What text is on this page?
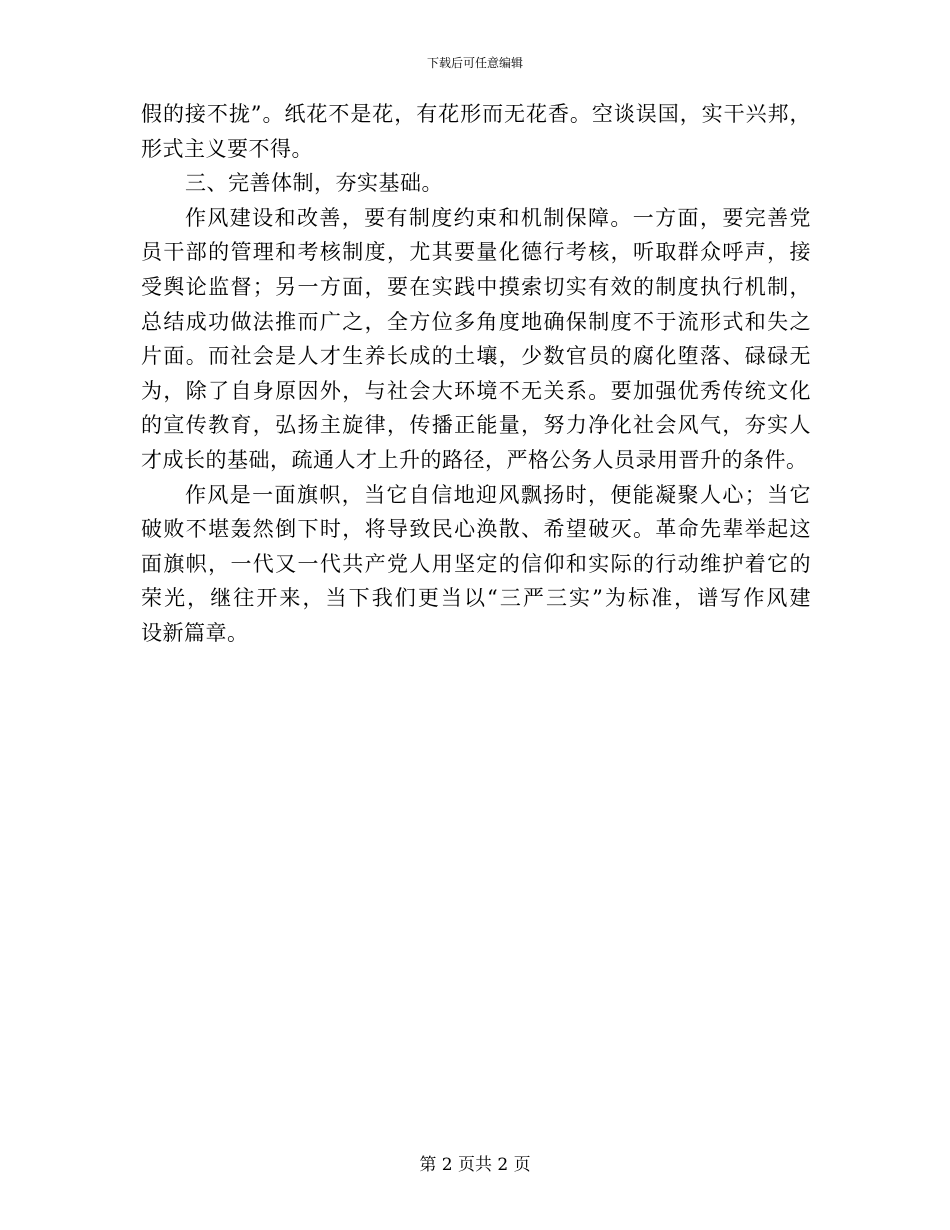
下载后可任意编辑
假的接不拢”。纸花不是花，有花形而无花香。空谈误国，实干兴邦，
形式主义要不得。
三、完善体制，夯实基础。
作风建设和改善，要有制度约束和机制保障。一方面，要完善党
员干部的管理和考核制度，尤其要量化德行考核，听取群众呼声，接
受舆论监督；另一方面，要在实践中摸索切实有效的制度执行机制，
总结成功做法推而广之，全方位多角度地确保制度不于流形式和失之
片面。而社会是人才生养长成的土壤，少数官员的腐化堕落、碌碌无
为，除了自身原因外，与社会大环境不无关系。要加强优秀传统文化
的宣传教育，弘扬主旋律，传播正能量，努力净化社会风气，夯实人
才成长的基础，疏通人才上升的路径，严格公务人员录用晋升的条件。
作风是一面旗帜，当它自信地迎风飘扬时，便能凝聚人心；当它
破败不堪轰然倒下时，将导致民心涣散、希望破灭。革命先辈举起这
面旗帜，一代又一代共产党人用坚定的信仰和实际的行动维护着它的
荣光，继往开来，当下我们更当以“三严三实”为标准，谱写作风建
设新篇章。
第 2 页共 2 页
